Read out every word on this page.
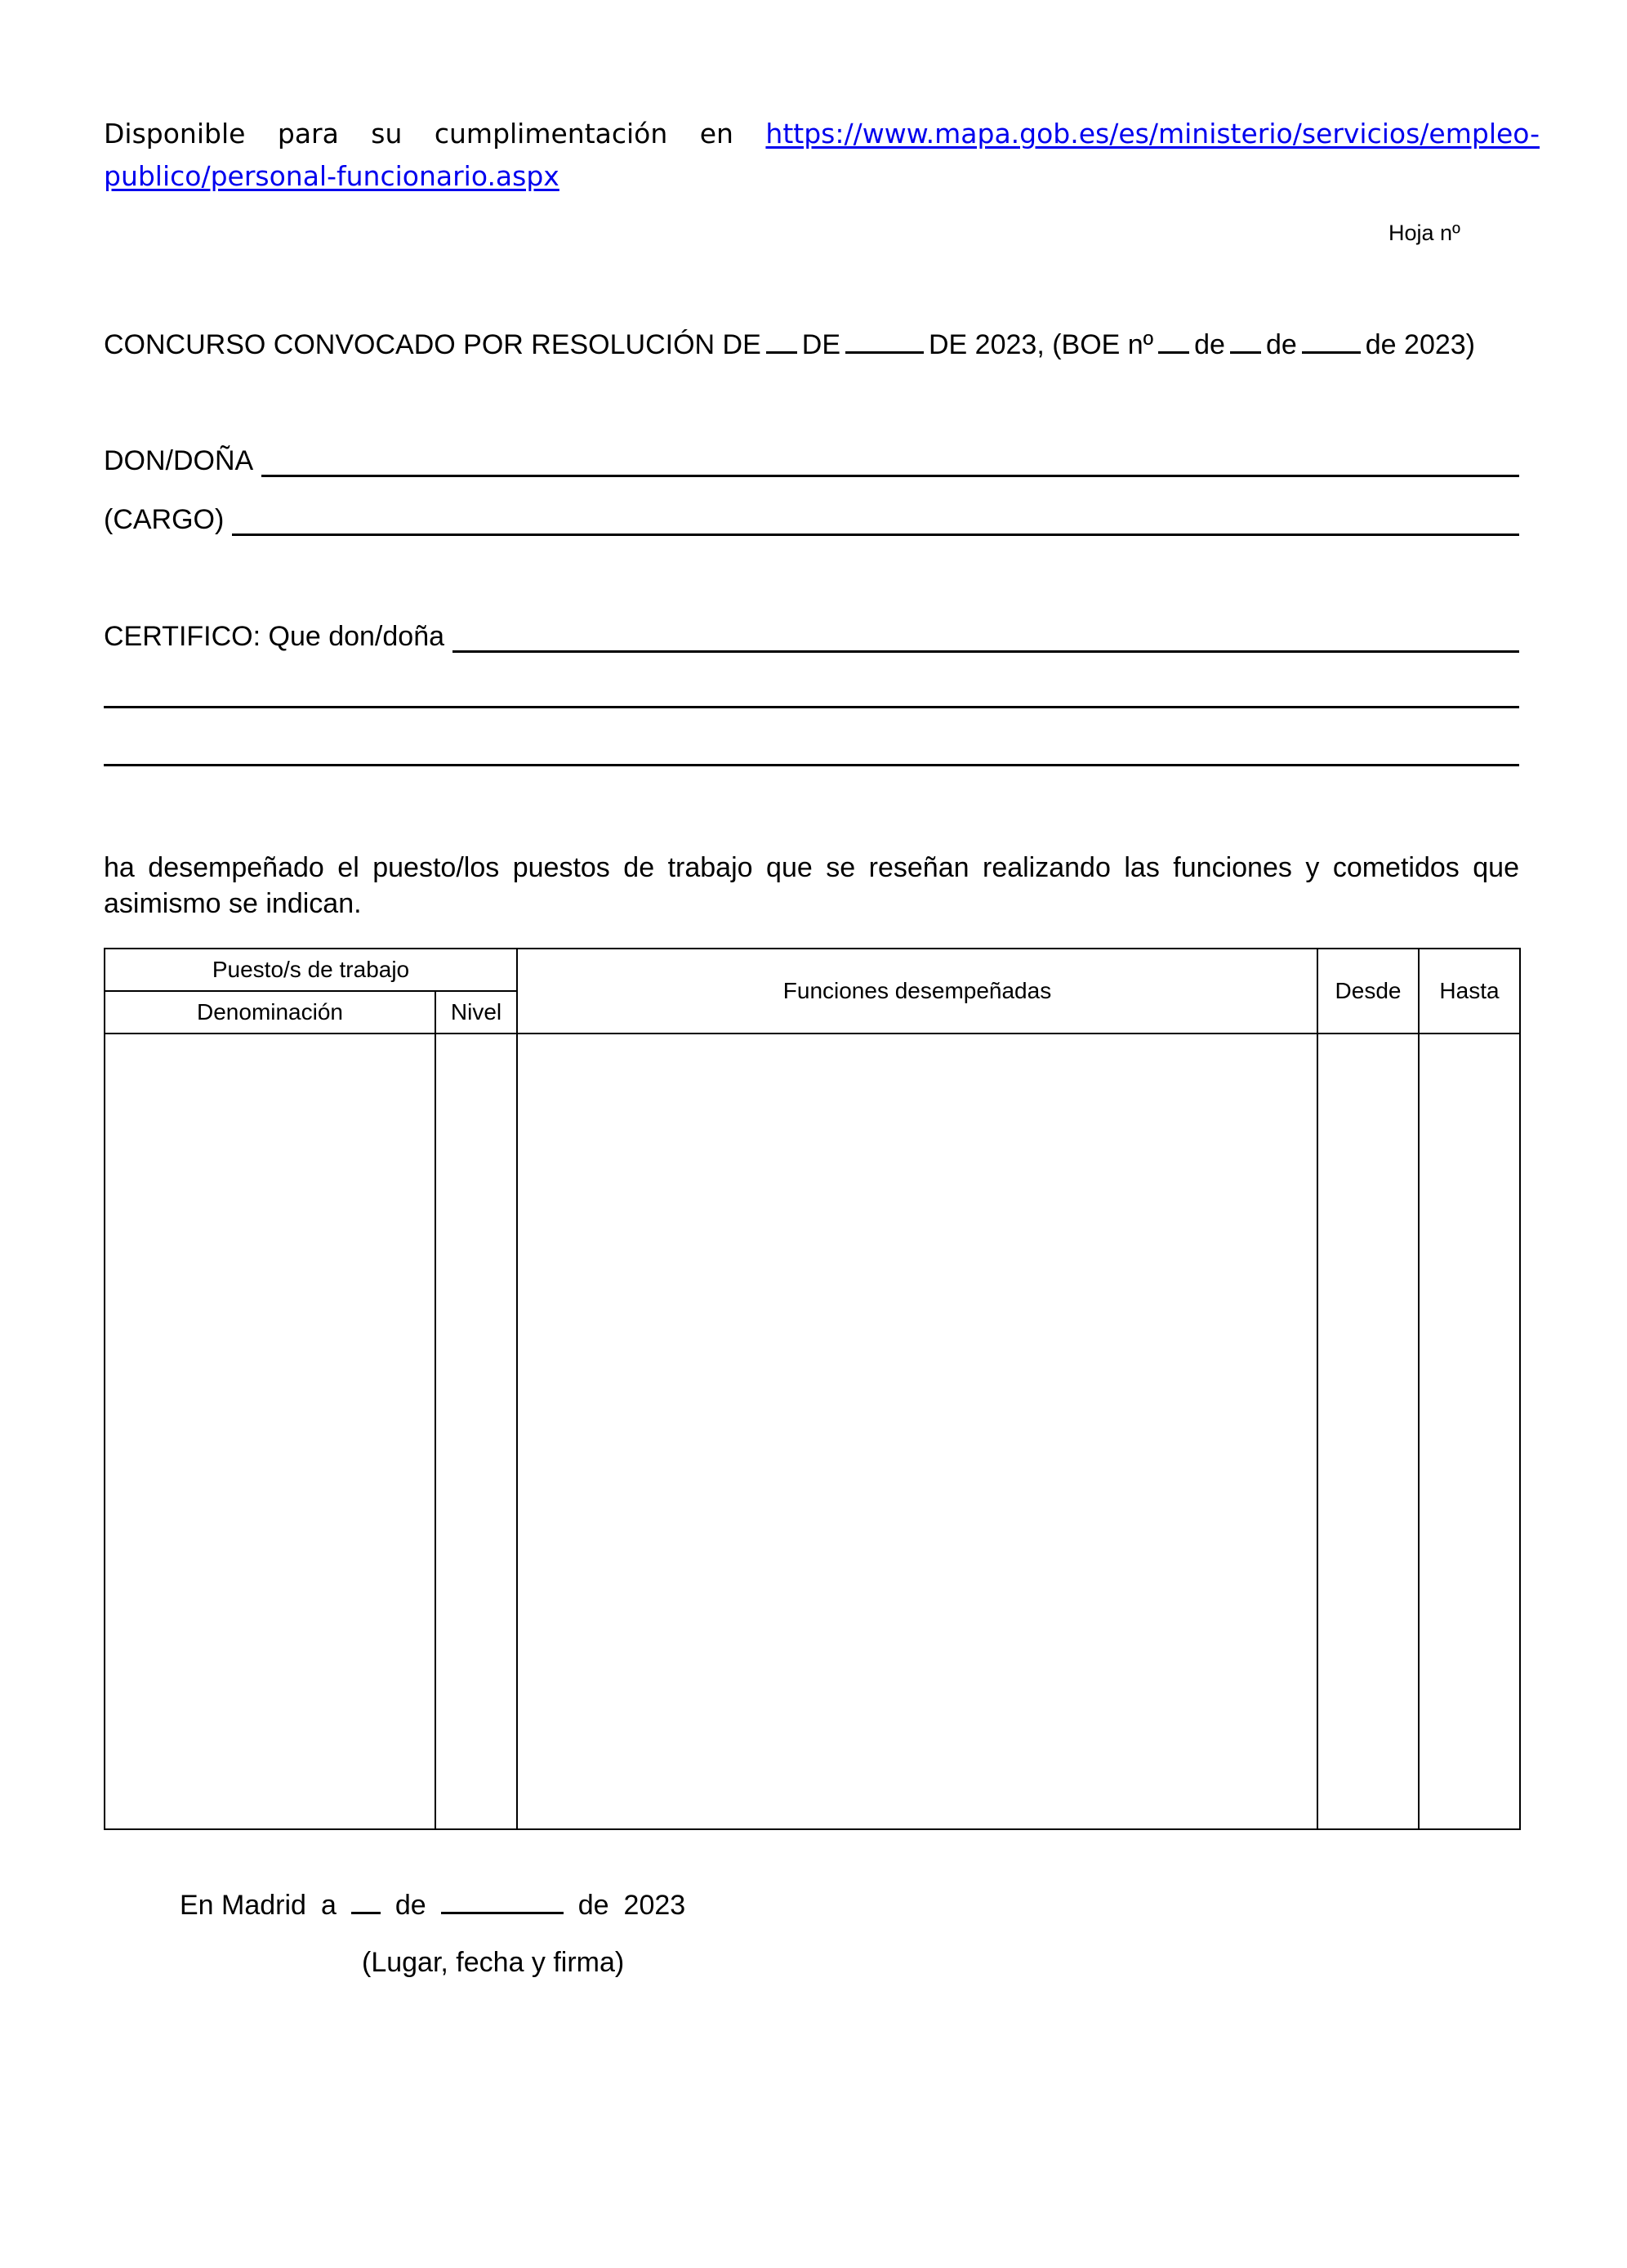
Disponible para su cumplimentación en https://www.mapa.gob.es/es/ministerio/servicios/empleo-
publico/personal-funcionario.aspx
Hoja nº
CONCURSO CONVOCADO POR RESOLUCIÓN DE DE	DE 2023, (BOE nº de de de 2023)
DON/DOÑA
(CARGO)
CERTIFICO: Que don/doña
ha desempeñado el puesto/los puestos de trabajo que se reseñan realizando las funciones y cometidos que asimismo se indican.
Puesto/s de trabajo		Funciones desempeñadas	Desde	Hasta
Denominación	Nivel			

En Madrid a de	de 2023
(Lugar, fecha y firma)
